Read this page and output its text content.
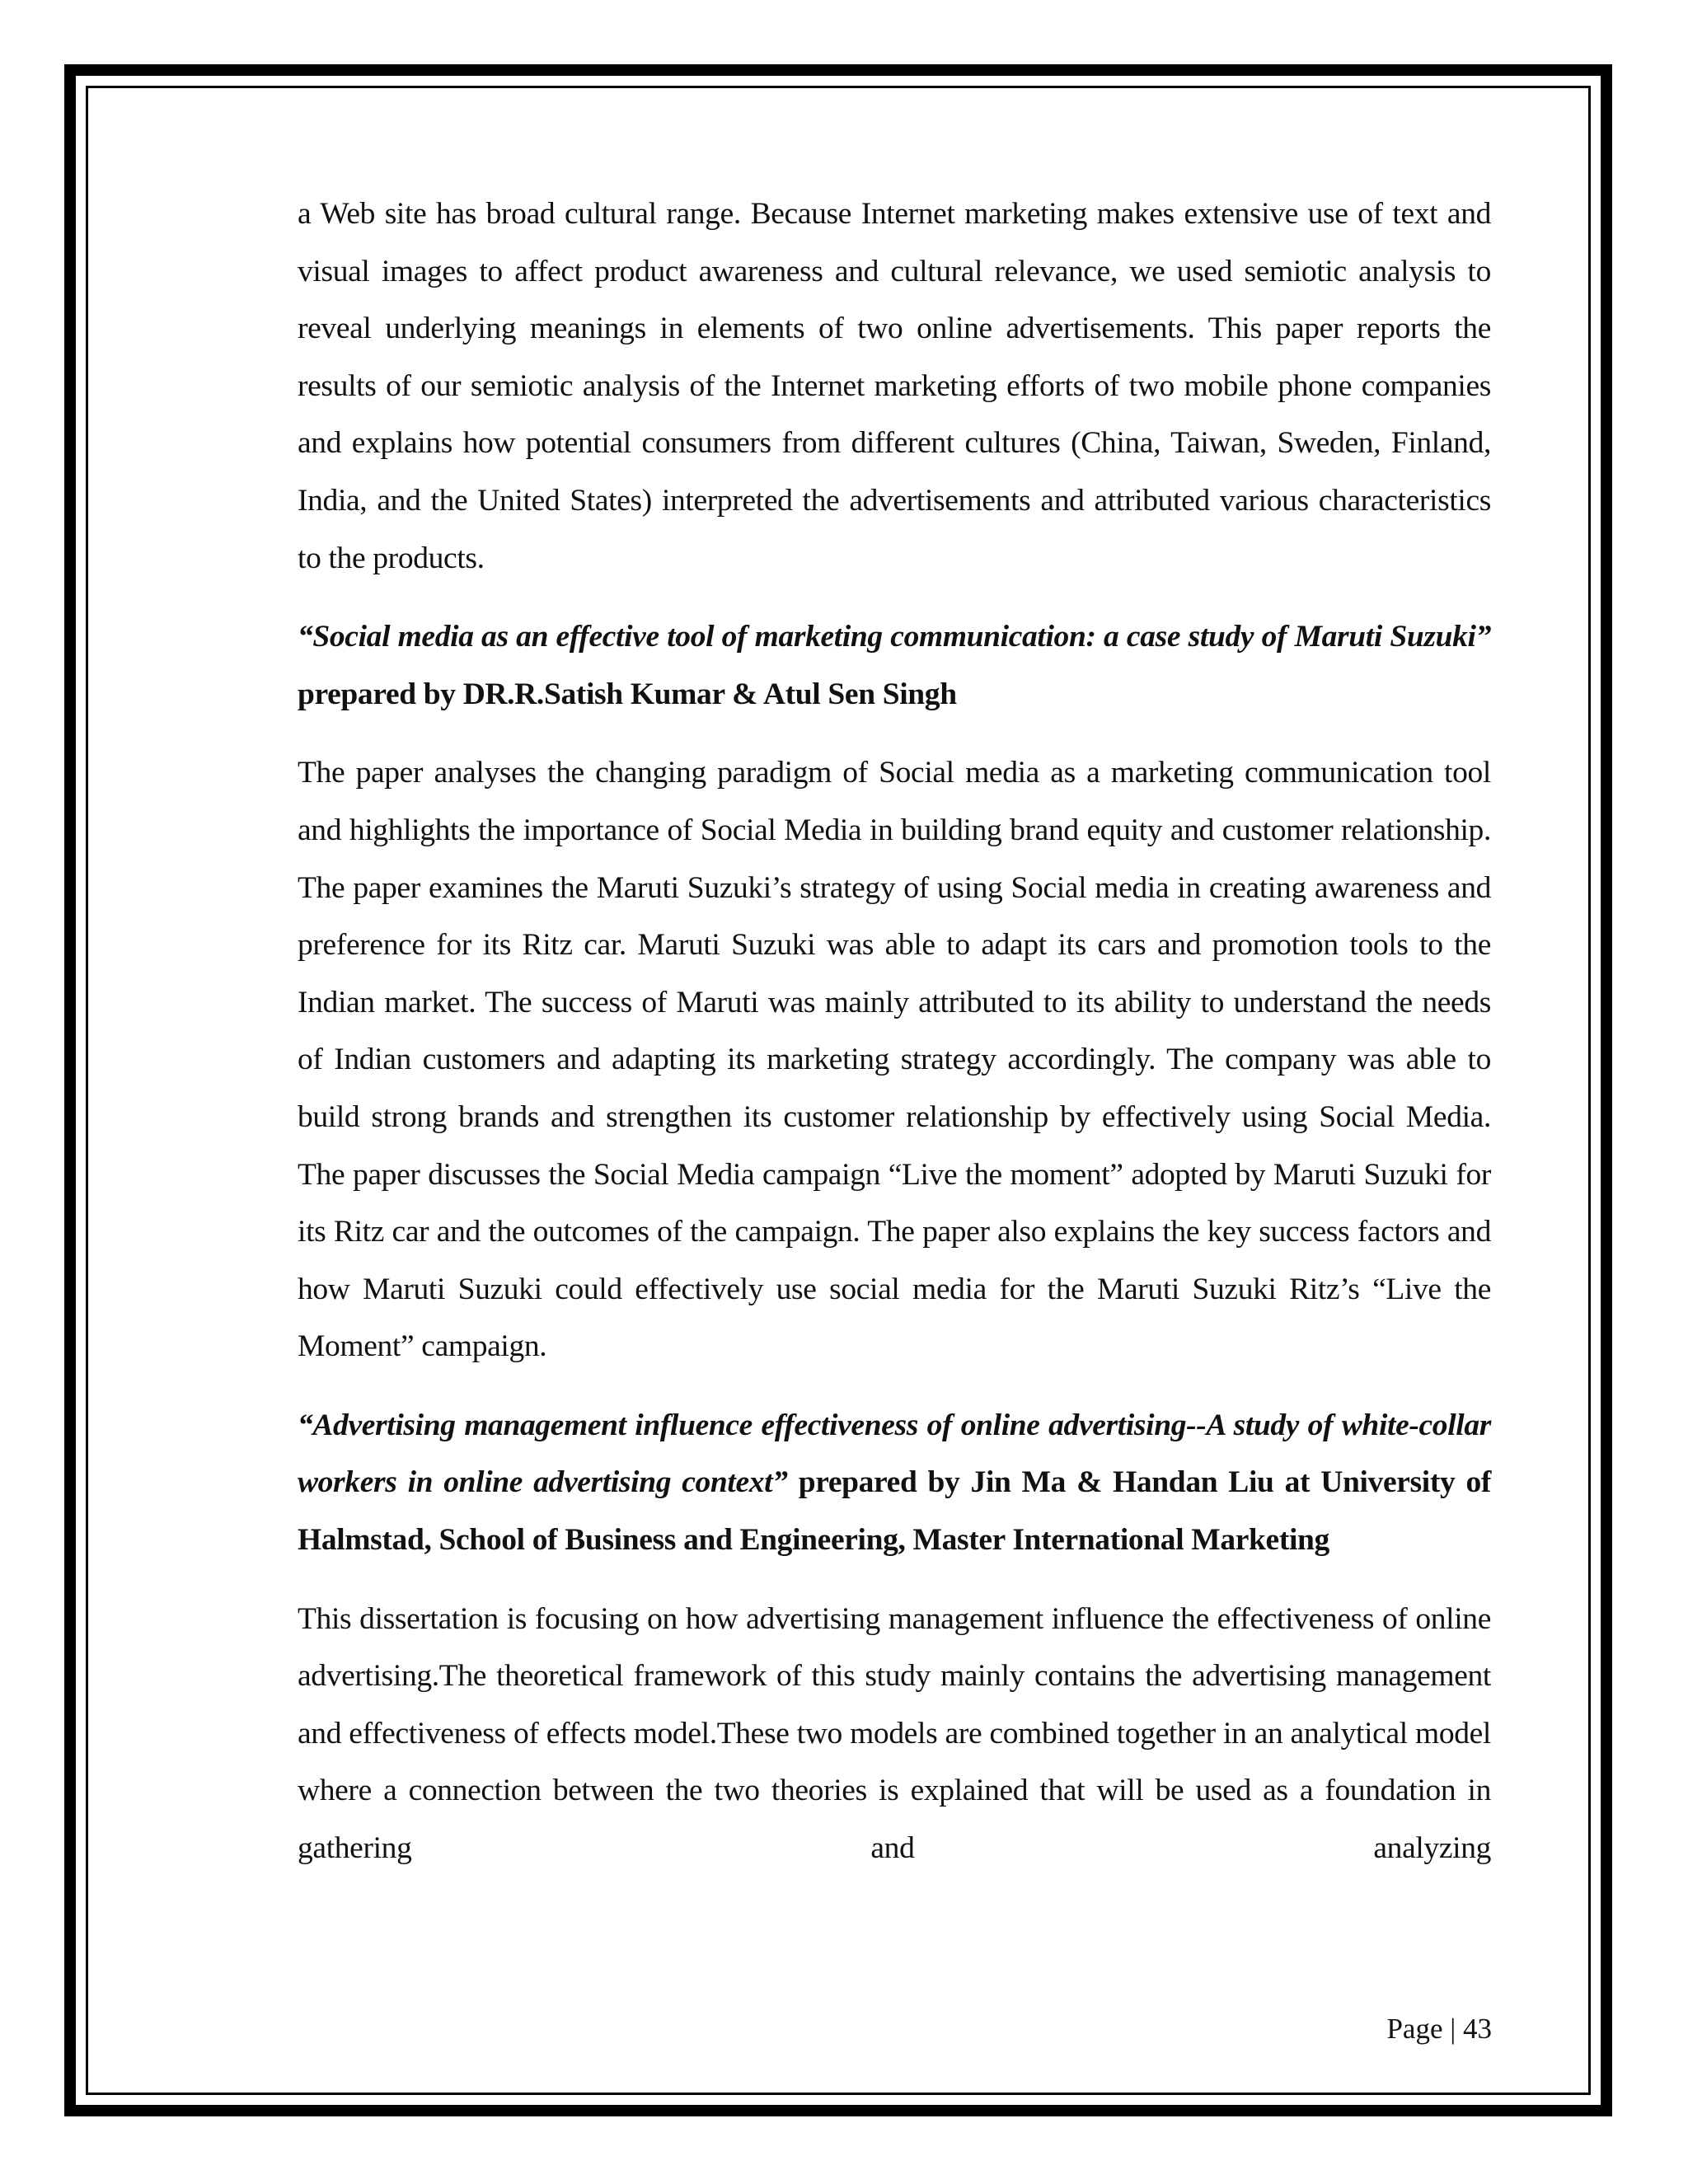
a Web site has broad cultural range. Because Internet marketing makes extensive use of text and visual images to affect product awareness and cultural relevance, we used semiotic analysis to reveal underlying meanings in elements of two online advertisements. This paper reports the results of our semiotic analysis of the Internet marketing efforts of two mobile phone companies and explains how potential consumers from different cultures (China, Taiwan, Sweden, Finland, India, and the United States) interpreted the advertisements and attributed various characteristics to the products.

“Social media as an effective tool of marketing communication: a case study of Maruti Suzuki” prepared by DR.R.Satish Kumar & Atul Sen Singh

The paper analyses the changing paradigm of Social media as a marketing communication tool and highlights the importance of Social Media in building brand equity and customer relationship. The paper examines the Maruti Suzuki’s strategy of using Social media in creating awareness and preference for its Ritz car. Maruti Suzuki was able to adapt its cars and promotion tools to the Indian market. The success of Maruti was mainly attributed to its ability to understand the needs of Indian customers and adapting its marketing strategy accordingly. The company was able to build strong brands and strengthen its customer relationship by effectively using Social Media. The paper discusses the Social Media campaign “Live the moment” adopted by Maruti Suzuki for its Ritz car and the outcomes of the campaign. The paper also explains the key success factors and how Maruti Suzuki could effectively use social media for the Maruti Suzuki Ritz’s “Live the Moment” campaign.

“Advertising management influence effectiveness of online advertising--A study of white-collar workers in online advertising context” prepared by Jin Ma & Handan Liu at University of Halmstad, School of Business and Engineering, Master International Marketing

This dissertation is focusing on how advertising management influence the effectiveness of online advertising.The theoretical framework of this study mainly contains the advertising management and effectiveness of effects model.These two models are combined together in an analytical model where a connection between the two theories is explained that will be used as a foundation in gathering and analyzing

Page | 43
